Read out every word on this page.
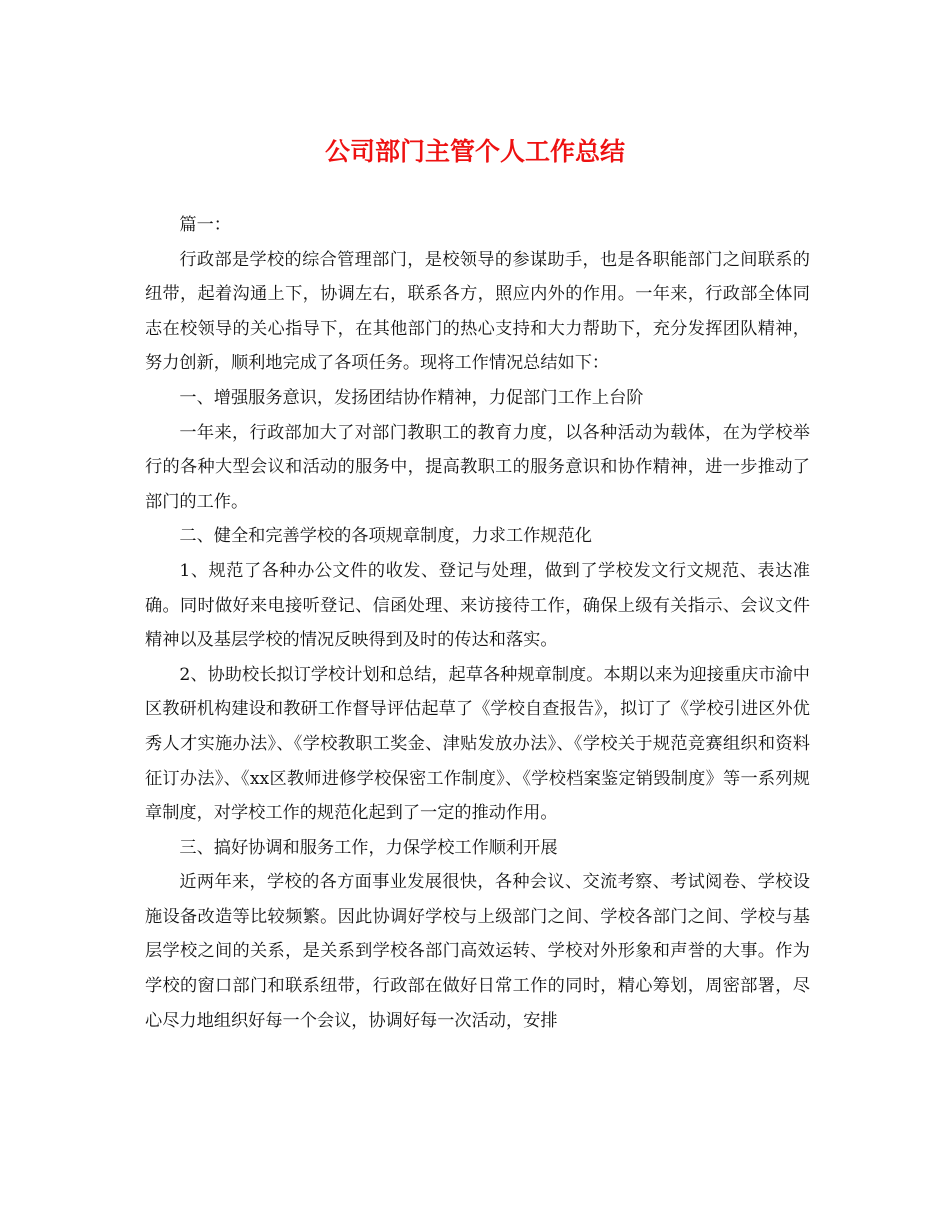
公司部门主管个人工作总结

篇一：

行政部是学校的综合管理部门，是校领导的参谋助手，也是各职能部门之间联系的纽带，起着沟通上下，协调左右，联系各方，照应内外的作用。一年来，行政部全体同志在校领导的关心指导下，在其他部门的热心支持和大力帮助下，充分发挥团队精神，努力创新，顺利地完成了各项任务。现将工作情况总结如下：

一、增强服务意识，发扬团结协作精神，力促部门工作上台阶

一年来，行政部加大了对部门教职工的教育力度，以各种活动为载体，在为学校举行的各种大型会议和活动的服务中，提高教职工的服务意识和协作精神，进一步推动了部门的工作。

二、健全和完善学校的各项规章制度，力求工作规范化

1、规范了各种办公文件的收发、登记与处理，做到了学校发文行文规范、表达准确。同时做好来电接听登记、信函处理、来访接待工作，确保上级有关指示、会议文件精神以及基层学校的情况反映得到及时的传达和落实。

2、协助校长拟订学校计划和总结，起草各种规章制度。本期以来为迎接重庆市渝中区教研机构建设和教研工作督导评估起草了《学校自查报告》，拟订了《学校引进区外优秀人才实施办法》、《学校教职工奖金、津贴发放办法》、《学校关于规范竞赛组织和资料征订办法》、《xx区教师进修学校保密工作制度》、《学校档案鉴定销毁制度》等一系列规章制度，对学校工作的规范化起到了一定的推动作用。

三、搞好协调和服务工作，力保学校工作顺利开展

近两年来，学校的各方面事业发展很快，各种会议、交流考察、考试阅卷、学校设施设备改造等比较频繁。因此协调好学校与上级部门之间、学校各部门之间、学校与基层学校之间的关系，是关系到学校各部门高效运转、学校对外形象和声誉的大事。作为学校的窗口部门和联系纽带，行政部在做好日常工作的同时，精心筹划，周密部署，尽心尽力地组织好每一个会议，协调好每一次活动，安排
